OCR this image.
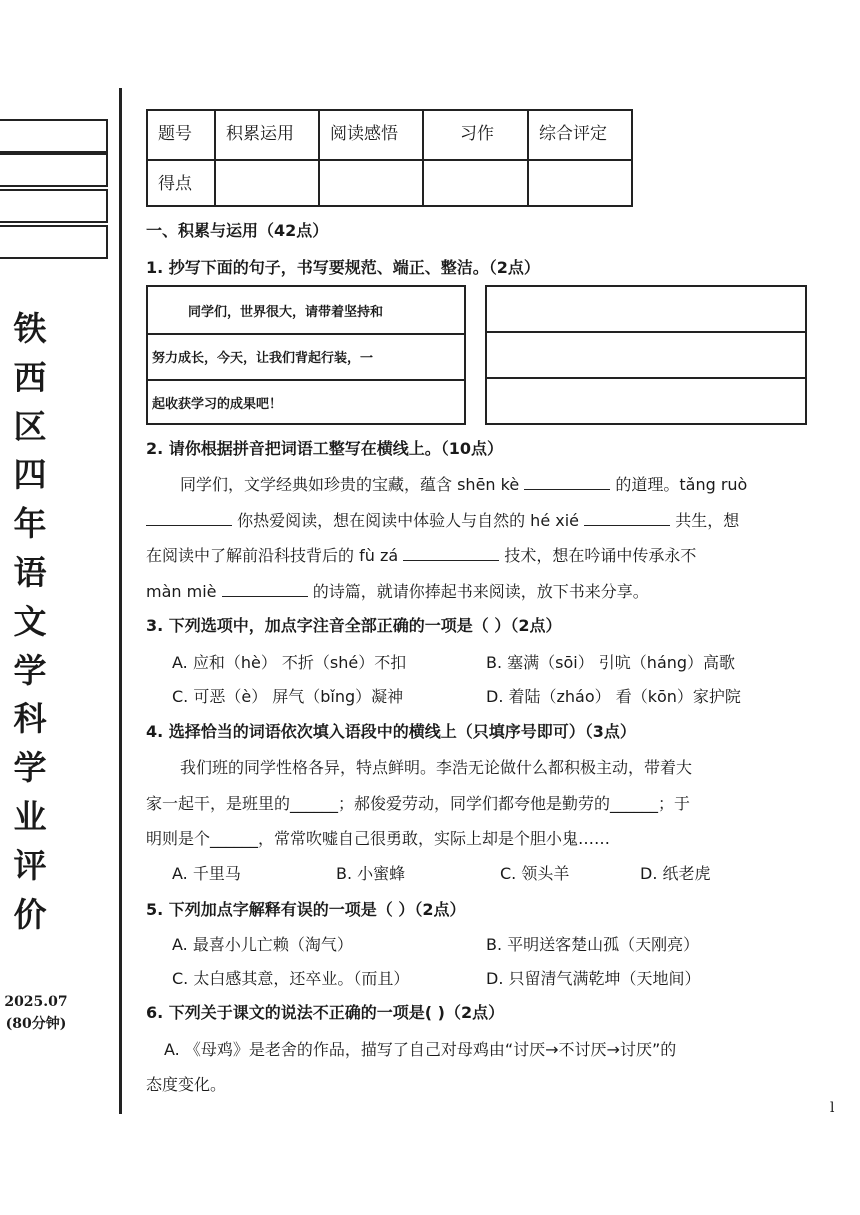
铁
西
区
四
年
语
文
学
科
学
业
评
价
2025.07
(80分钟)
题号	积累运用	阅读感悟	习作	综合评定
得点				
一、积累与运用（42点）
1. 抄写下面的句子，书写要规范、端正、整洁。（2点）
同学们，世界很大，请带着坚持和
努力成长，今天，让我们背起行装，一
起收获学习的成果吧！
2. 请你根据拼音把词语工整写在横线上。（10点）
同学们，文学经典如珍贵的宝藏，蕴含 shēn kè	的道理。tǎng ruò
你热爱阅读，想在阅读中体验人与自然的 hé xié	共生，想
在阅读中了解前沿科技背后的 fù zá	技术，想在吟诵中传承永不
màn miè	的诗篇，就请你捧起书来阅读，放下书来分享。
3. 下列选项中，加点字注音全部正确的一项是（ ）（2点）
A. 应和（hè） 不折（shé）不扣	B. 塞满（sōi） 引吭（háng）高歌
C. 可恶（è） 屏气（bǐng）凝神	D. 着陆（zháo） 看（kōn）家护院
4. 选择恰当的词语依次填入语段中的横线上（只填序号即可）（3点）
我们班的同学性格各异，特点鲜明。李浩无论做什么都积极主动，带着大
家一起干，是班里的______；郝俊爱劳动，同学们都夸他是勤劳的______；于
明则是个______，常常吹嘘自己很勇敢，实际上却是个胆小鬼……
A. 千里马	B. 小蜜蜂	C. 领头羊	D. 纸老虎
5. 下列加点字解释有误的一项是（ ）（2点）
A. 最喜小儿亡赖（淘气）	B. 平明送客楚山孤（天刚亮）
C. 太白感其意，还卒业。（而且）	D. 只留清气满乾坤（天地间）
6. 下列关于课文的说法不正确的一项是( )（2点）
A. 《母鸡》是老舍的作品，描写了自己对母鸡由“讨厌→不讨厌→讨厌”的
态度变化。
l
